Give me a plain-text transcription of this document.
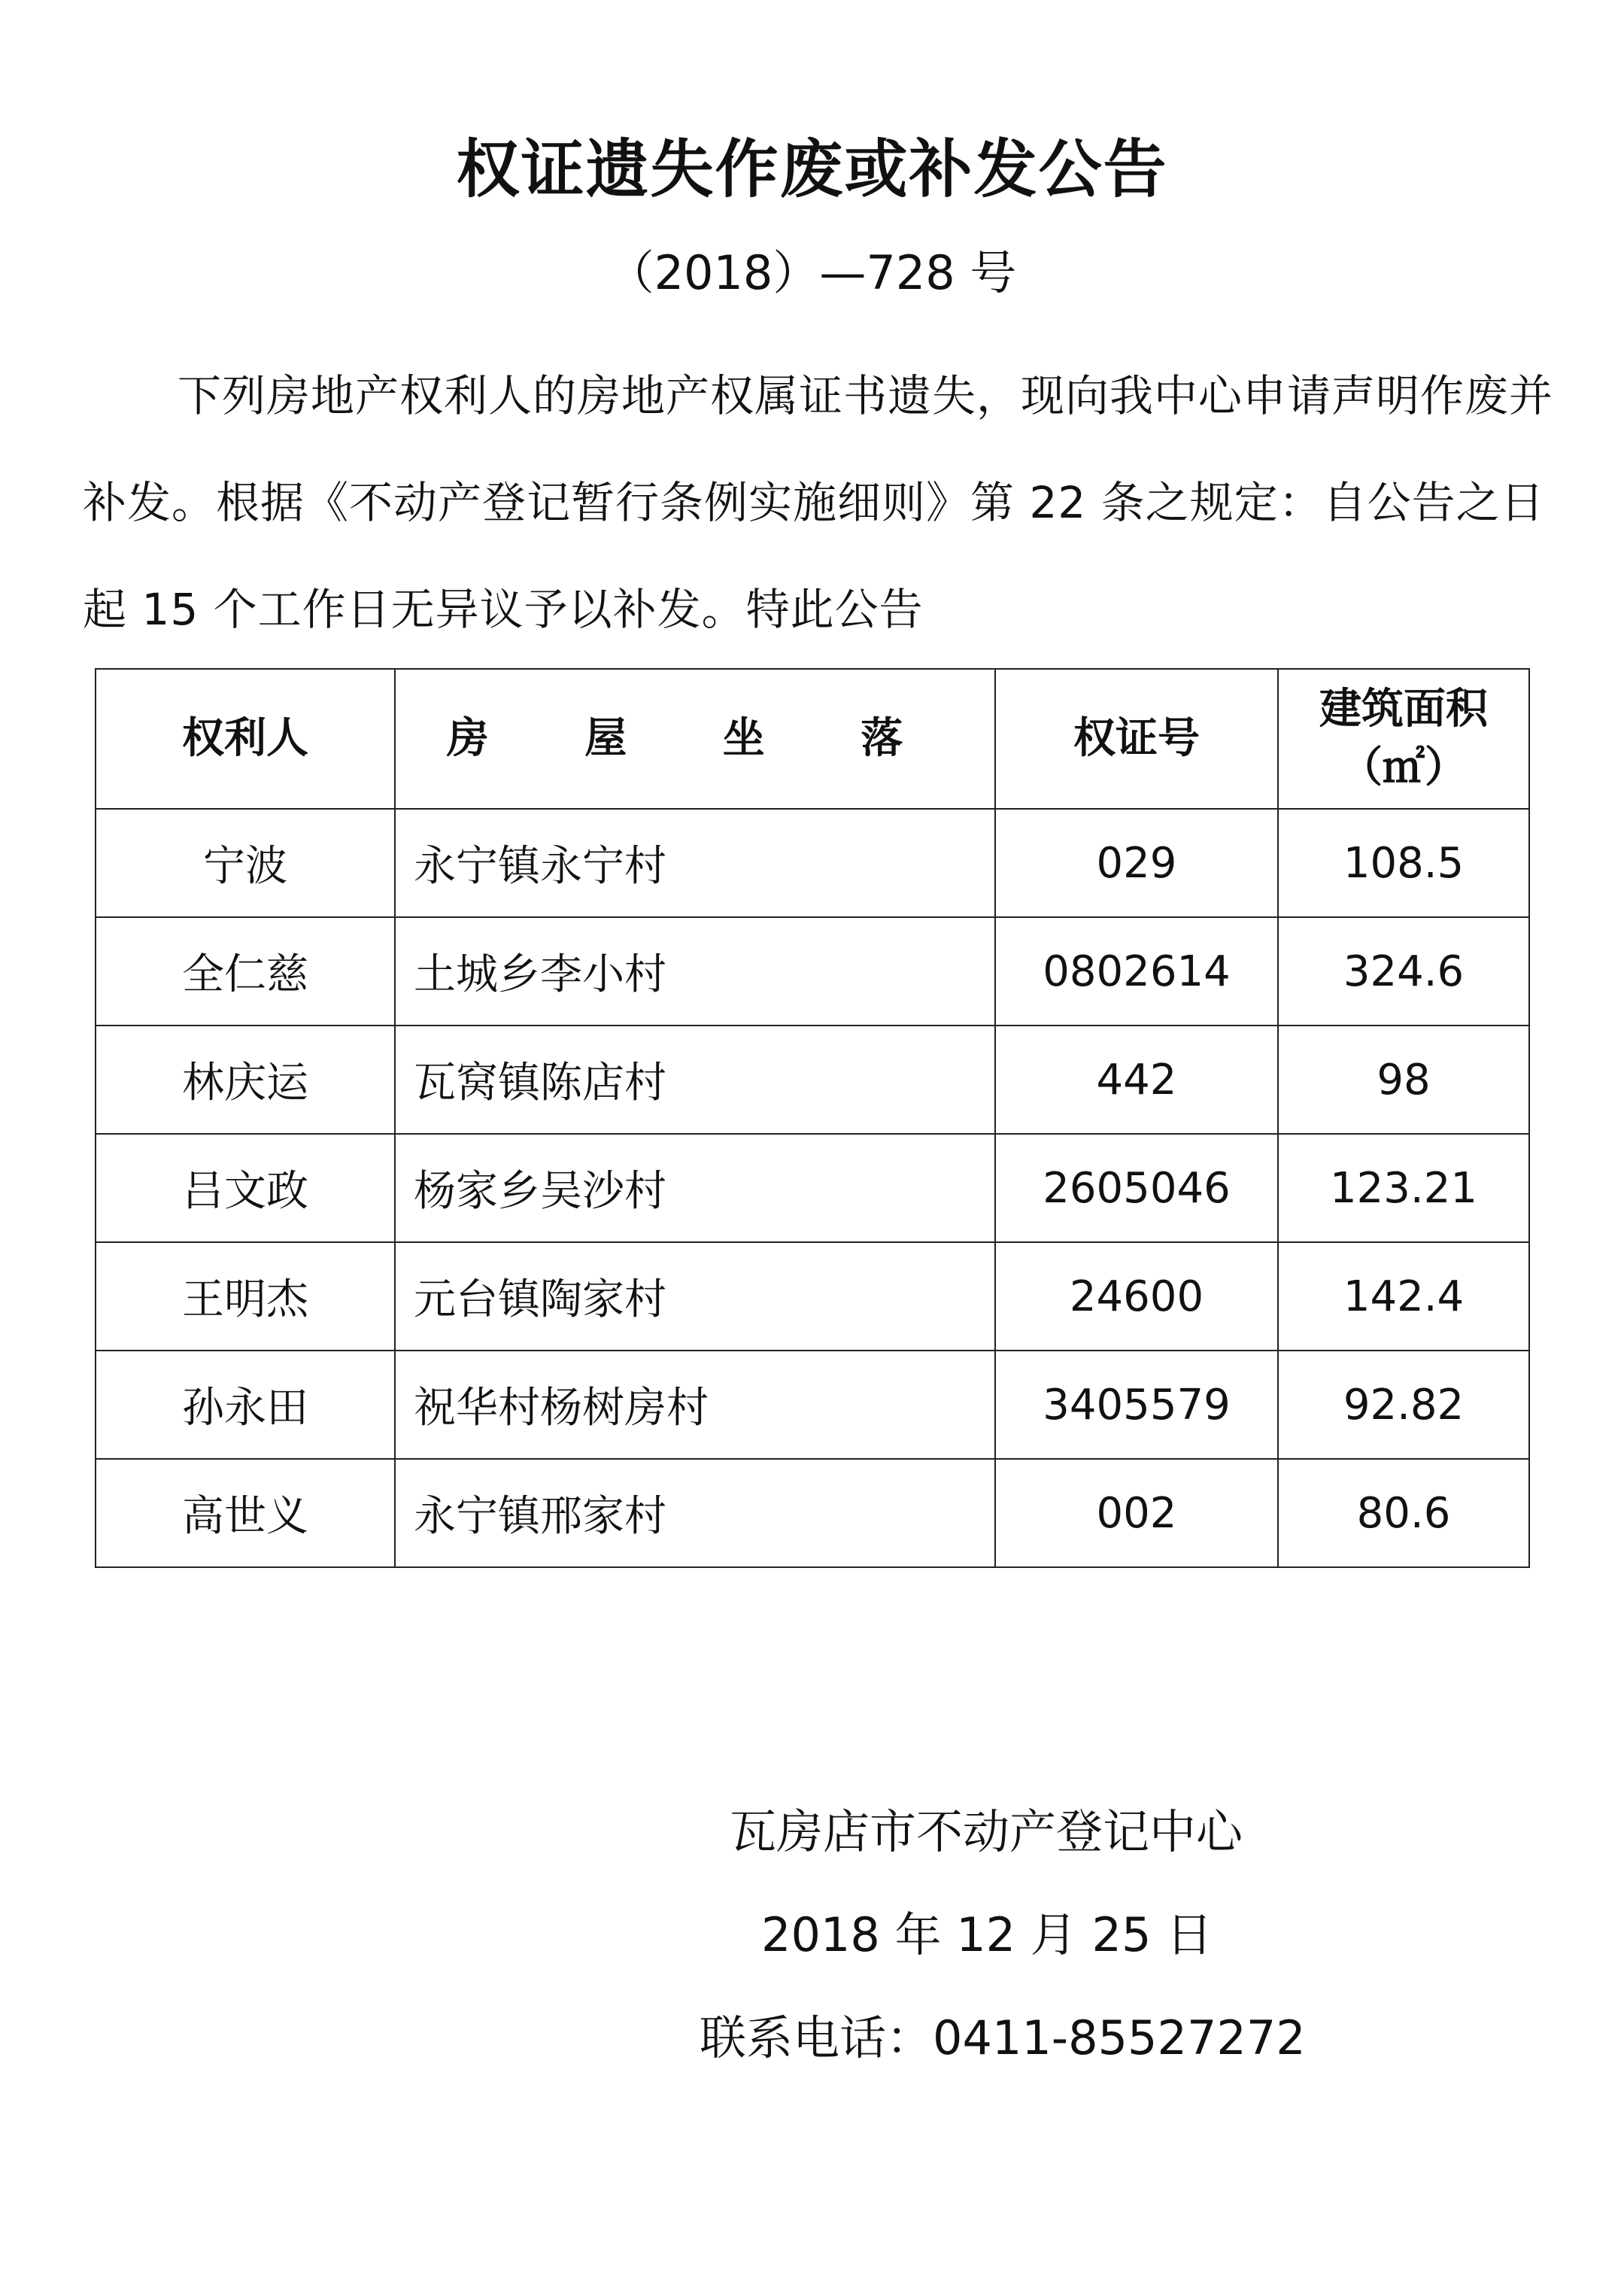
权证遗失作废或补发公告
（2018）—728 号

下列房地产权利人的房地产权属证书遗失，现向我中心申请声明作废并补发。根据《不动产登记暂行条例实施细则》第 22 条之规定：自公告之日起 15 个工作日无异议予以补发。特此公告

权利人	房 屋 坐 落	权证号	建筑面积
（㎡）

宁波	永宁镇永宁村	029	108.5
全仁慈	土城乡李小村	0802614	324.6
林庆运	瓦窝镇陈店村	442	98
吕文政	杨家乡吴沙村	2605046	123.21
王明杰	元台镇陶家村	24600	142.4
孙永田	祝华村杨树房村	3405579	92.82
高世义	永宁镇邢家村	002	80.6
瓦房店市不动产登记中心
2018 年 12 月 25 日
联系电话：0411-85527272
